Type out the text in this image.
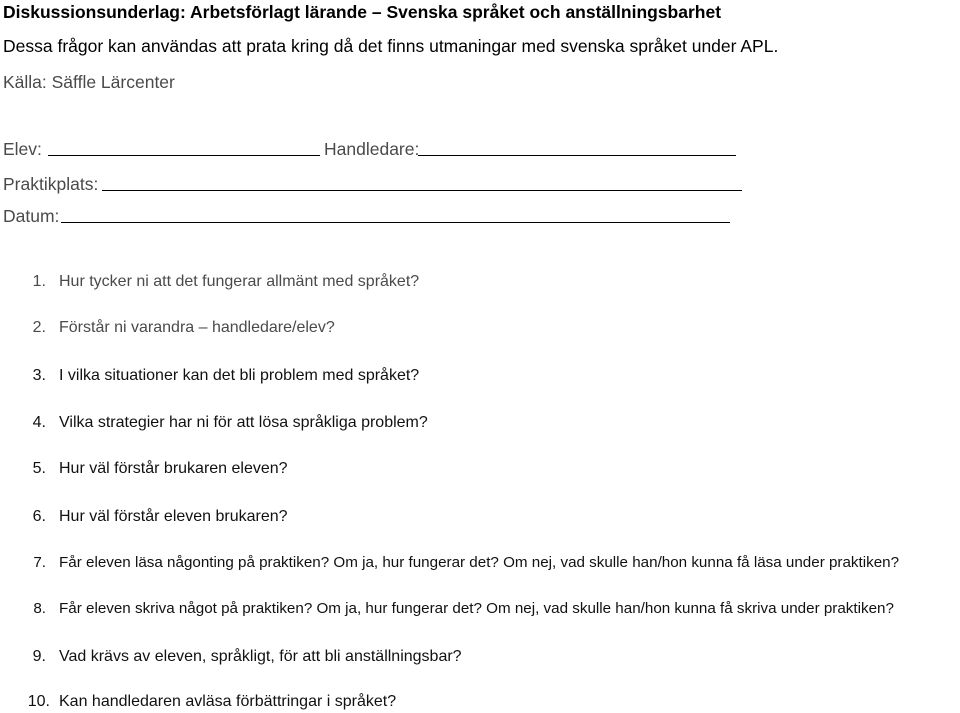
Diskussionsunderlag: Arbetsförlagt lärande – Svenska språket och anställningsbarhet
Dessa frågor kan användas att prata kring då det finns utmaningar med svenska språket under APL.
Källa: Säffle Lärcenter
Elev:	Handledare:
Praktikplats:
Datum:
1. Hur tycker ni att det fungerar allmänt med språket?
2. Förstår ni varandra – handledare/elev?
3. I vilka situationer kan det bli problem med språket?
4. Vilka strategier har ni för att lösa språkliga problem?
5. Hur väl förstår brukaren eleven?
6. Hur väl förstår eleven brukaren?
7. Får eleven läsa någonting på praktiken? Om ja, hur fungerar det? Om nej, vad skulle han/hon kunna få läsa under praktiken?
8. Får eleven skriva något på praktiken? Om ja, hur fungerar det? Om nej, vad skulle han/hon kunna få skriva under praktiken?
9. Vad krävs av eleven, språkligt, för att bli anställningsbar?
10. Kan handledaren avläsa förbättringar i språket?
